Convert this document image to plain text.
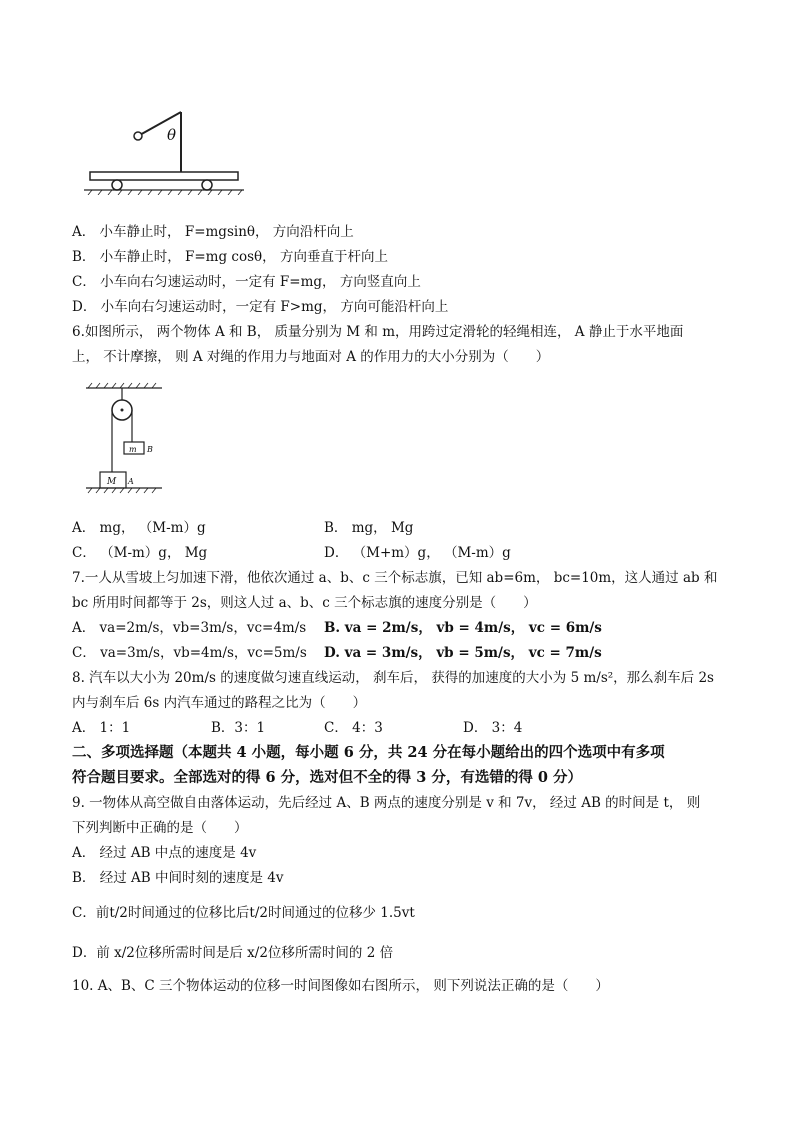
θ
A． 小车静止时， F=mgsinθ， 方向沿杆向上
B． 小车静止时， F=mg cosθ， 方向垂直于杆向上
C． 小车向右匀速运动时，一定有 F=mg， 方向竖直向上
D． 小车向右匀速运动时，一定有 F>mg， 方向可能沿杆向上
6.如图所示， 两个物体 A 和 B， 质量分别为 M 和 m，用跨过定滑轮的轻绳相连， A 静止于水平地面
上， 不计摩擦， 则 A 对绳的作用力与地面对 A 的作用力的大小分别为（　　）
m B
M A
A． mg， （M-m）g	B． mg， Mg
C． （M-m）g， Mg	D． （M+m）g， （M-m）g
7.一人从雪坡上匀加速下滑，他依次通过 a、b、c 三个标志旗，已知 ab=6m， bc=10m，这人通过 ab 和
bc 所用时间都等于 2s，则这人过 a、b、c 三个标志旗的速度分别是（　　）
A． va=2m/s，vb=3m/s，vc=4m/s B. va = 2m/s， vb = 4m/s， vc = 6m/s
C． va=3m/s，vb=4m/s，vc=5m/s D. va = 3m/s， vb = 5m/s， vc = 7m/s
8. 汽车以大小为 20m/s 的速度做匀速直线运动， 刹车后， 获得的加速度的大小为 5 m/s²，那么刹车后 2s
内与刹车后 6s 内汽车通过的路程之比为（　　）
A． 1：1	B．3：1	C． 4：3	D． 3：4
二、多项选择题（本题共 4 小题，每小题 6 分，共 24 分在每小题给出的四个选项中有多项
符合题目要求。全部选对的得 6 分，选对但不全的得 3 分，有选错的得 0 分）
9. 一物体从高空做自由落体运动，先后经过 A、B 两点的速度分别是 v 和 7v， 经过 AB 的时间是 t， 则
下列判断中正确的是（　　）
A． 经过 AB 中点的速度是 4v
B． 经过 AB 中间时刻的速度是 4v
C．前t/2时间通过的位移比后t/2时间通过的位移少 1.5vt
D．前 x/2位移所需时间是后 x/2位移所需时间的 2 倍
10. A、B、C 三个物体运动的位移一时间图像如右图所示， 则下列说法正确的是（　　）
